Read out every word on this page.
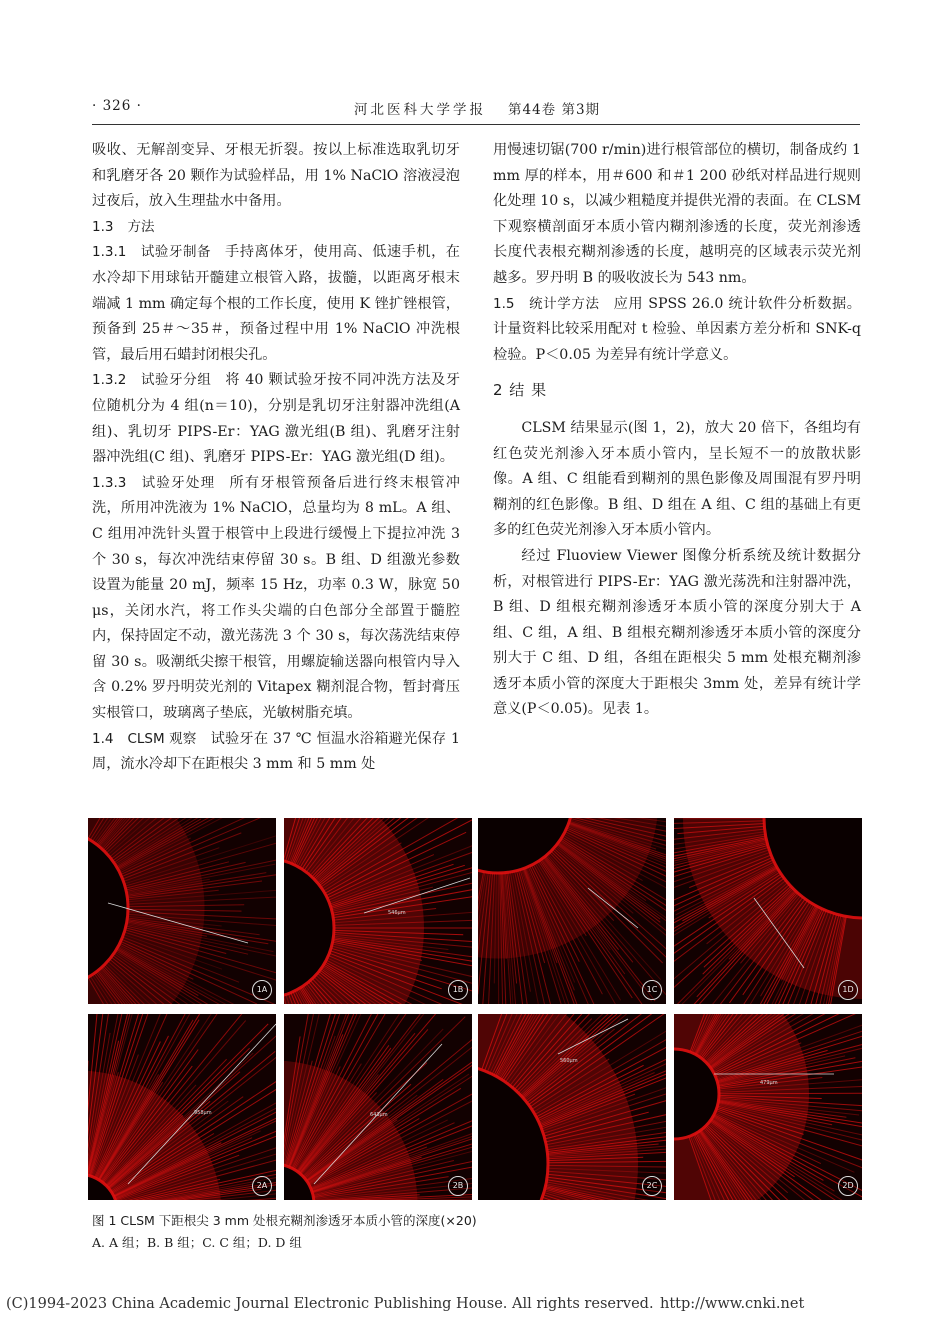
· 326 ·	河北医科大学学报 第44卷 第3期

吸收、无解剖变异、牙根无折裂。按以上标准选取乳切牙和乳磨牙各 20 颗作为试验样品，用 1% NaClO 溶液浸泡过夜后，放入生理盐水中备用。

1.3 方法

1.3.1 试验牙制备 手持离体牙，使用高、低速手机，在水冷却下用球钻开髓建立根管入路，拔髓，以距离牙根末端减 1 mm 确定每个根的工作长度，使用 K 锉扩锉根管，预备到 25＃～35＃，预备过程中用 1% NaClO 冲洗根管，最后用石蜡封闭根尖孔。

1.3.2 试验牙分组 将 40 颗试验牙按不同冲洗方法及牙位随机分为 4 组(n＝10)，分别是乳切牙注射器冲洗组(A 组)、乳切牙 PIPS-Er：YAG 激光组(B 组)、乳磨牙注射器冲洗组(C 组)、乳磨牙 PIPS-Er：YAG 激光组(D 组)。

1.3.3 试验牙处理 所有牙根管预备后进行终末根管冲洗，所用冲洗液为 1% NaClO，总量均为 8 mL。A 组、C 组用冲洗针头置于根管中上段进行缓慢上下提拉冲洗 3 个 30 s，每次冲洗结束停留 30 s。B 组、D 组激光参数设置为能量 20 mJ，频率 15 Hz，功率 0.3 W，脉宽 50 μs，关闭水汽，将工作头尖端的白色部分全部置于髓腔内，保持固定不动，激光荡洗 3 个 30 s，每次荡洗结束停留 30 s。吸潮纸尖擦干根管，用螺旋输送器向根管内导入含 0.2% 罗丹明荧光剂的 Vitapex 糊剂混合物，暂封膏压实根管口，玻璃离子垫底，光敏树脂充填。

1.4 CLSM 观察 试验牙在 37 ℃ 恒温水浴箱避光保存 1 周，流水冷却下在距根尖 3 mm 和 5 mm 处

用慢速切锯(700 r/min)进行根管部位的横切，制备成约 1 mm 厚的样本，用＃600 和＃1 200 砂纸对样品进行规则化处理 10 s，以减少粗糙度并提供光滑的表面。在 CLSM 下观察横剖面牙本质小管内糊剂渗透的长度，荧光剂渗透长度代表根充糊剂渗透的长度，越明亮的区域表示荧光剂越多。罗丹明 B 的吸收波长为 543 nm。

1.5 统计学方法 应用 SPSS 26.0 统计软件分析数据。计量资料比较采用配对 t 检验、单因素方差分析和 SNK-q 检验。P＜0.05 为差异有统计学意义。

2 结 果

CLSM 结果显示(图 1，2)，放大 20 倍下，各组均有红色荧光剂渗入牙本质小管内，呈长短不一的放散状影像。A 组、C 组能看到糊剂的黑色影像及周围混有罗丹明糊剂的红色影像。B 组、D 组在 A 组、C 组的基础上有更多的红色荧光剂渗入牙本质小管内。

经过 Fluoview Viewer 图像分析系统及统计数据分析，对根管进行 PIPS-Er：YAG 激光荡洗和注射器冲洗，B 组、D 组根充糊剂渗透牙本质小管的深度分别大于 A 组、C 组，A 组、B 组根充糊剂渗透牙本质小管的深度分别大于 C 组、D 组，各组在距根尖 5 mm 处根充糊剂渗透牙本质小管的深度大于距根尖 3mm 处，差异有统计学意义(P＜0.05)。见表 1。

1A
546μm
1B	1C	1D
958μm
2A
643μm
2B
560μm
2C
479μm
2D
图 1 CLSM 下距根尖 3 mm 处根充糊剂渗透牙本质小管的深度(×20)
A. A 组；B. B 组；C. C 组；D. D 组
(C)1994-2023 China Academic Journal Electronic Publishing House. All rights reserved. http://www.cnki.net
